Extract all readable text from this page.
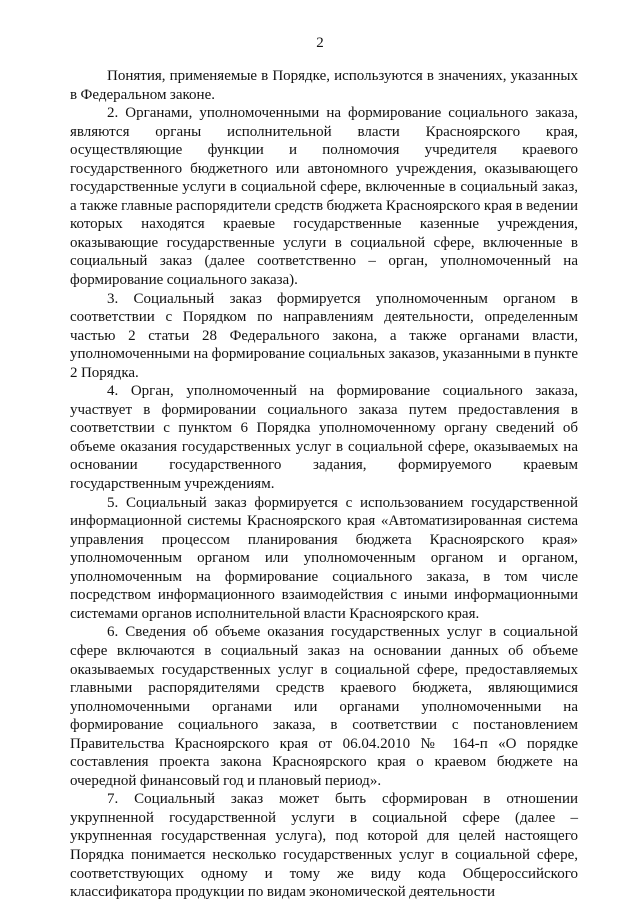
2

Понятия, применяемые в Порядке, используются в значениях, указанных в Федеральном законе.

2. Органами, уполномоченными на формирование социального заказа, являются органы исполнительной власти Красноярского края, осуществляющие функции и полномочия учредителя краевого государственного бюджетного или автономного учреждения, оказывающего государственные услуги в социальной сфере, включенные в социальный заказ, а также главные распорядители средств бюджета Красноярского края в ведении которых находятся краевые государственные казенные учреждения, оказывающие государственные услуги в социальной сфере, включенные в социальный заказ (далее соответственно – орган, уполномоченный на формирование социального заказа).

3. Социальный заказ формируется уполномоченным органом в соответствии с Порядком по направлениям деятельности, определенным частью 2 статьи 28 Федерального закона, а также органами власти, уполномоченными на формирование социальных заказов, указанными в пункте 2 Порядка.

4. Орган, уполномоченный на формирование социального заказа, участвует в формировании социального заказа путем предоставления в соответствии с пунктом 6 Порядка уполномоченному органу сведений об объеме оказания государственных услуг в социальной сфере, оказываемых на основании государственного задания, формируемого краевым государственным учреждениям.

5. Социальный заказ формируется с использованием государственной информационной системы Красноярского края «Автоматизированная система управления процессом планирования бюджета Красноярского края» уполномоченным органом или уполномоченным органом и органом, уполномоченным на формирование социального заказа, в том числе посредством информационного взаимодействия с иными информационными системами органов исполнительной власти Красноярского края.

6. Сведения об объеме оказания государственных услуг в социальной сфере включаются в социальный заказ на основании данных об объеме оказываемых государственных услуг в социальной сфере, предоставляемых главными распорядителями средств краевого бюджета, являющимися уполномоченными органами или органами уполномоченными на формирование социального заказа, в соответствии с постановлением Правительства Красноярского края от 06.04.2010 № 164-п «О порядке составления проекта закона Красноярского края о краевом бюджете на очередной финансовый год и плановый период».

7. Социальный заказ может быть сформирован в отношении укрупненной государственной услуги в социальной сфере (далее – укрупненная государственная услуга), под которой для целей настоящего Порядка понимается несколько государственных услуг в социальной сфере, соответствующих одному и тому же виду кода Общероссийского классификатора продукции по видам экономической деятельности
